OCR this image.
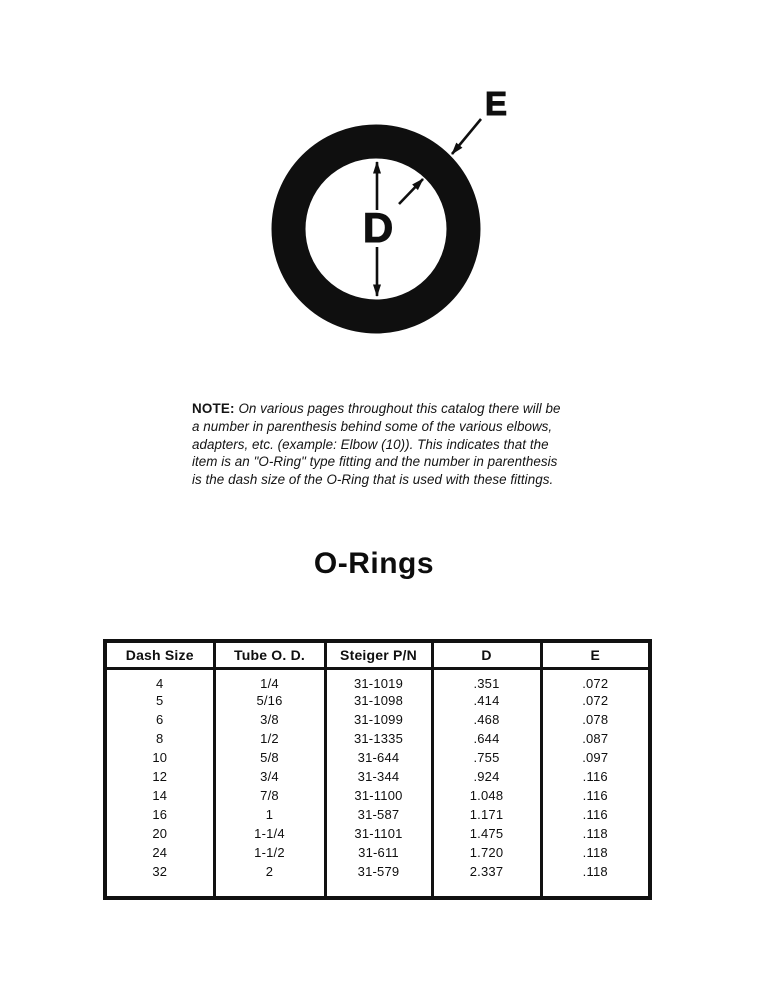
D
E
NOTE: On various pages throughout this catalog there will be
a number in parenthesis behind some of the various elbows,
adapters, etc. (example: Elbow (10)). This indicates that the
item is an "O-Ring" type fitting and the number in parenthesis
is the dash size of the O-Ring that is used with these fittings.
O-Rings
Dash Size	Tube O. D.	Steiger P/N	D	E
4	1/4	31-1019	.351	.072
5	5/16	31-1098	.414	.072
6	3/8	31-1099	.468	.078
8	1/2	31-1335	.644	.087
10	5/8	31-644	.755	.097
12	3/4	31-344	.924	.116
14	7/8	31-1100	1.048	.116
16	1	31-587	1.171	.116
20	1-1/4	31-1101	1.475	.118
24	1-1/2	31-611	1.720	.118
32	2	31-579	2.337	.118
